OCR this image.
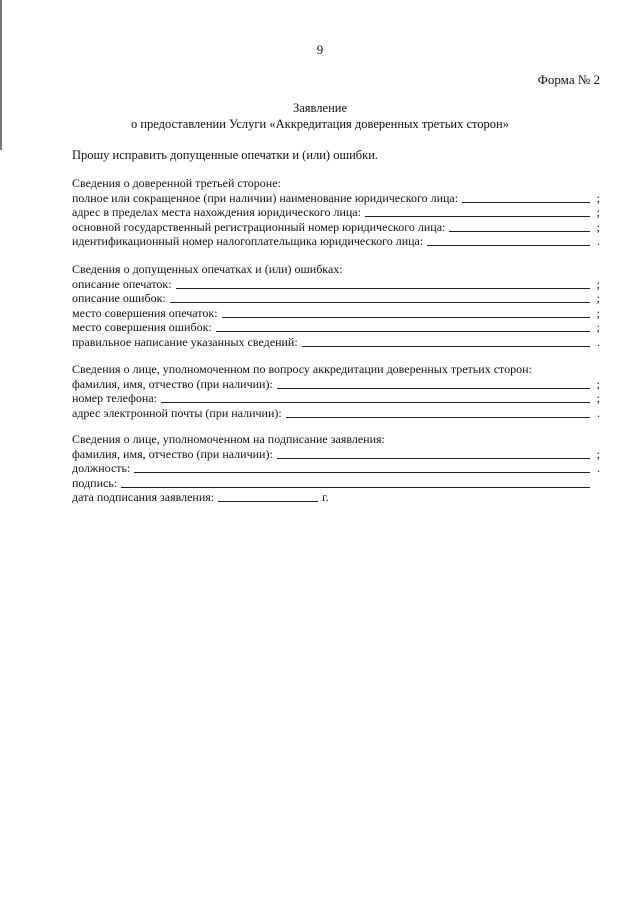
9
Форма № 2
Заявление
о предоставлении Услуги «Аккредитация доверенных третьих сторон»
Прошу исправить допущенные опечатки и (или) ошибки.
Сведения о доверенной третьей стороне:
полное или сокращенное (при наличии) наименование юридического лица:	;
адрес в пределах места нахождения юридического лица:	;
основной государственный регистрационный номер юридического лица:	;
идентификационный номер налогоплательщика юридического лица:	.
Сведения о допущенных опечатках и (или) ошибках:
описание опечаток:	;
описание ошибок:	;
место совершения опечаток:	;
место совершения ошибок:	;
правильное написание указанных сведений:	.
Сведения о лице, уполномоченном по вопросу аккредитации доверенных третьих сторон:
фамилия, имя, отчество (при наличии):	;
номер телефона:	;
адрес электронной почты (при наличии):	.
Сведения о лице, уполномоченном на подписание заявления:
фамилия, имя, отчество (при наличии):	;
должность:	.
подпись:
дата подписания заявления:	г.
